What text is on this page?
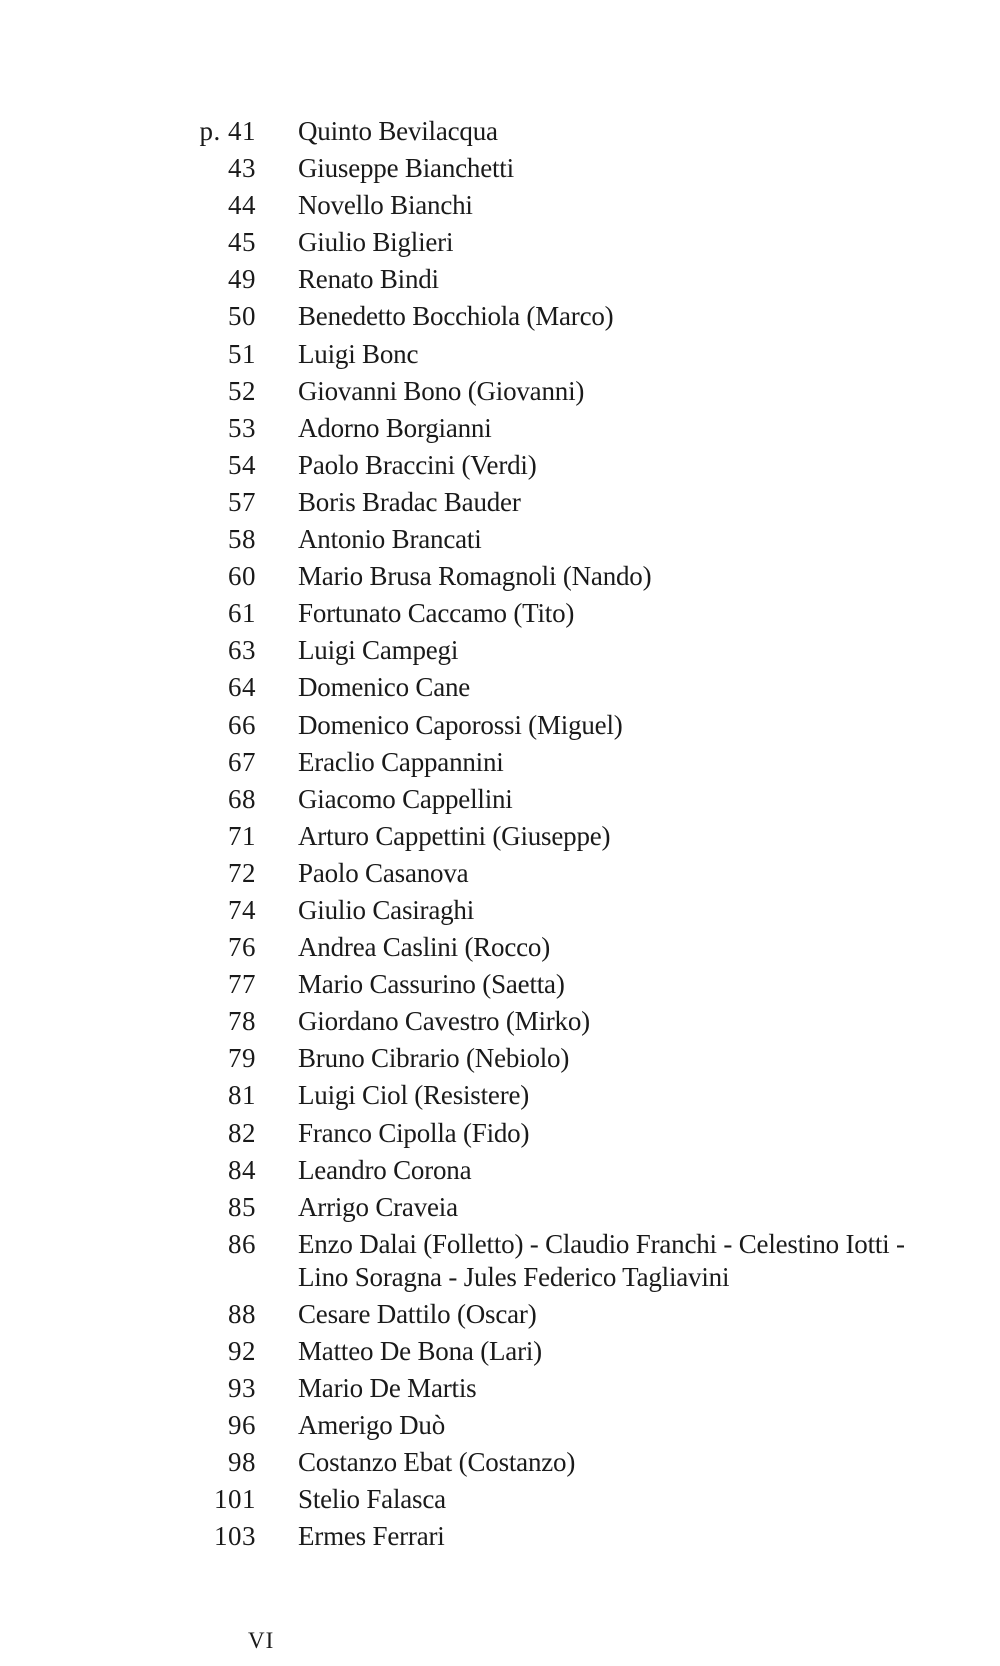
p. 41 Quinto Bevilacqua
43 Giuseppe Bianchetti
44 Novello Bianchi
45 Giulio Biglieri
49 Renato Bindi
50 Benedetto Bocchiola (Marco)
51 Luigi Bonc
52 Giovanni Bono (Giovanni)
53 Adorno Borgianni
54 Paolo Braccini (Verdi)
57 Boris Bradac Bauder
58 Antonio Brancati
60 Mario Brusa Romagnoli (Nando)
61 Fortunato Caccamo (Tito)
63 Luigi Campegi
64 Domenico Cane
66 Domenico Caporossi (Miguel)
67 Eraclio Cappannini
68 Giacomo Cappellini
71 Arturo Cappettini (Giuseppe)
72 Paolo Casanova
74 Giulio Casiraghi
76 Andrea Caslini (Rocco)
77 Mario Cassurino (Saetta)
78 Giordano Cavestro (Mirko)
79 Bruno Cibrario (Nebiolo)
81 Luigi Ciol (Resistere)
82 Franco Cipolla (Fido)
84 Leandro Corona
85 Arrigo Craveia
86 Enzo Dalai (Folletto) - Claudio Franchi - Celestino Iotti - Lino Soragna - Jules Federico Tagliavini
88 Cesare Dattilo (Oscar)
92 Matteo De Bona (Lari)
93 Mario De Martis
96 Amerigo Duò
98 Costanzo Ebat (Costanzo)
101 Stelio Falasca
103 Ermes Ferrari
VI
